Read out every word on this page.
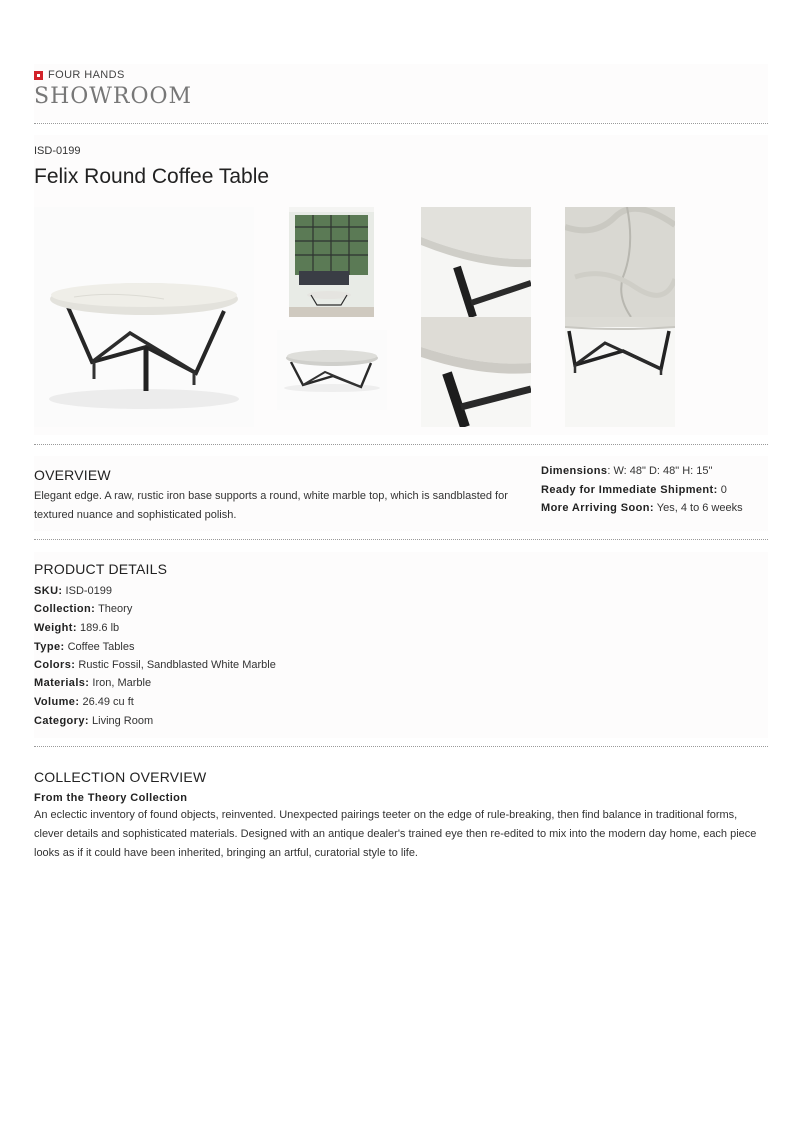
FOUR HANDS
SHOWROOM
ISD-0199
Felix Round Coffee Table
OVERVIEW
Elegant edge. A raw, rustic iron base supports a round, white marble top, which is sandblasted for textured nuance and sophisticated polish.
Dimensions: W: 48" D: 48" H: 15"
Ready for Immediate Shipment: 0
More Arriving Soon: Yes, 4 to 6 weeks
PRODUCT DETAILS
SKU: ISD-0199
Collection: Theory
Weight: 189.6 lb
Type: Coffee Tables
Colors: Rustic Fossil, Sandblasted White Marble
Materials: Iron, Marble
Volume: 26.49 cu ft
Category: Living Room
COLLECTION OVERVIEW
From the Theory Collection
An eclectic inventory of found objects, reinvented. Unexpected pairings teeter on the edge of rule-breaking, then find balance in traditional forms, clever details and sophisticated materials. Designed with an antique dealer's trained eye then re-edited to mix into the modern day home, each piece looks as if it could have been inherited, bringing an artful, curatorial style to life.
